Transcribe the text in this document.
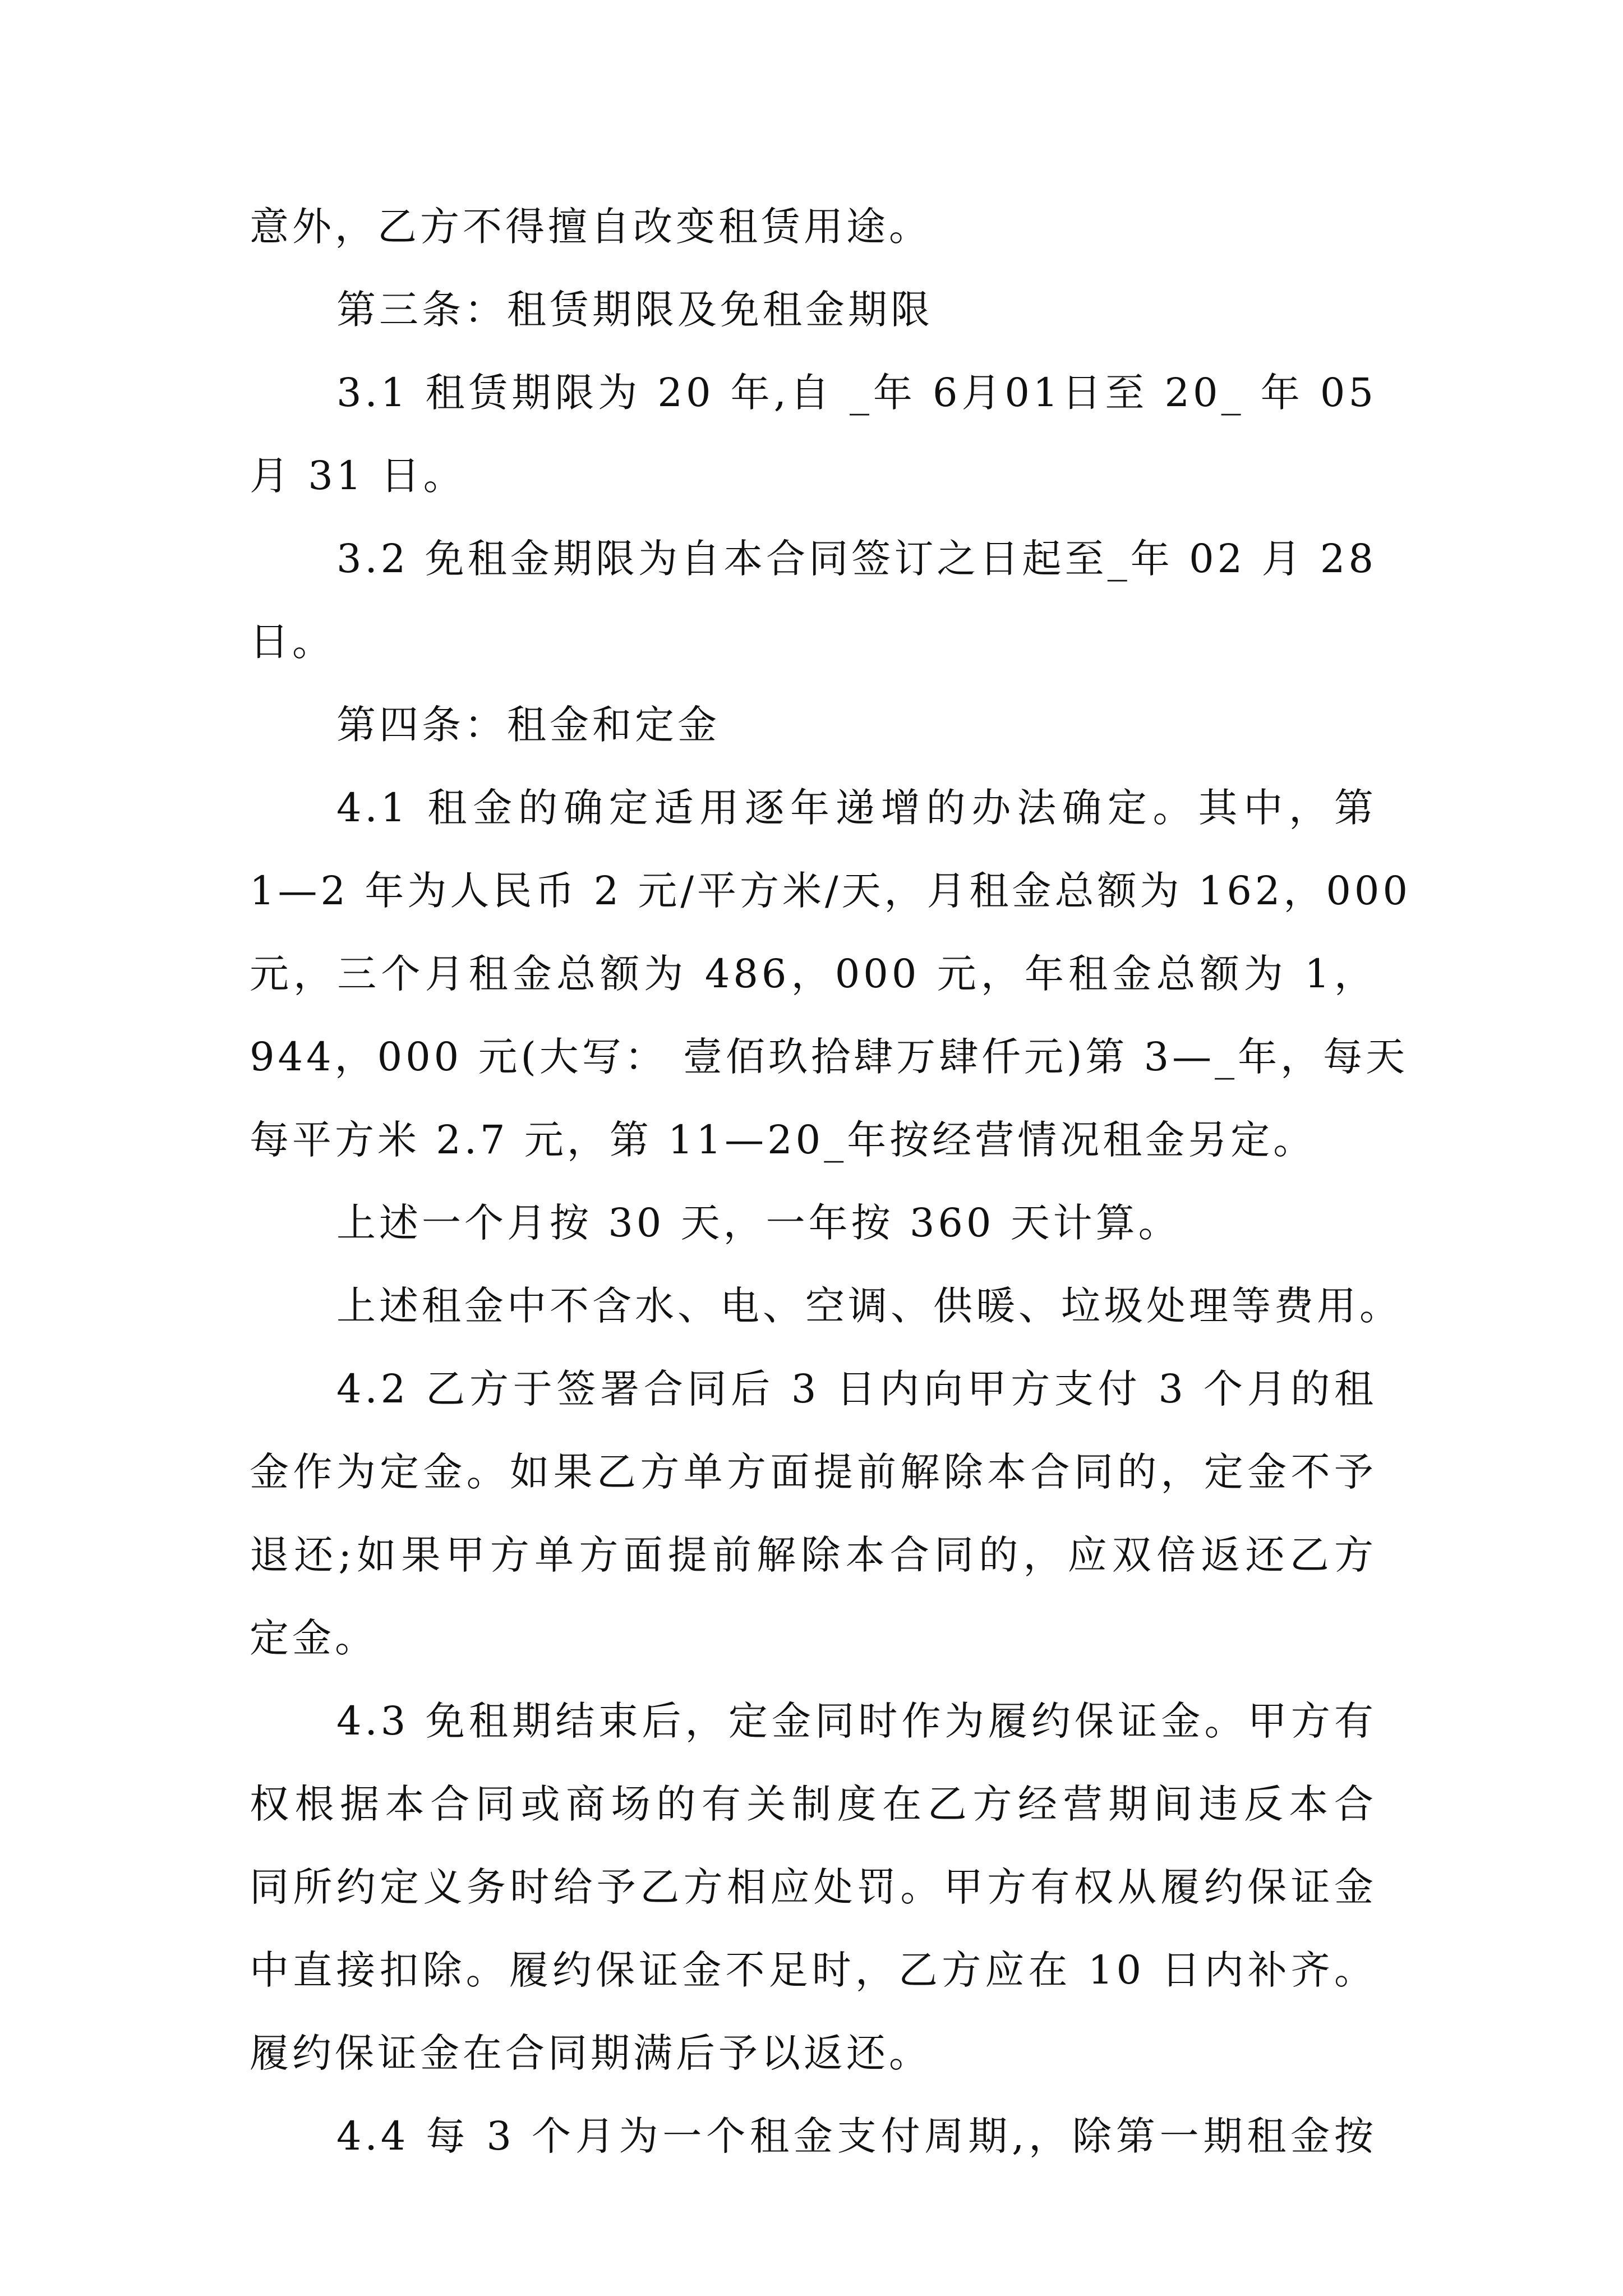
意外，乙方不得擅自改变租赁用途。
第三条：租赁期限及免租金期限
3.1 租赁期限为 20 年,自 _年 6月01日至 20_ 年 05
月 31 日。
3.2 免租金期限为自本合同签订之日起至_年 02 月 28
日。
第四条：租金和定金
4.1 租金的确定适用逐年递增的办法确定。其中，第
1—2 年为人民币 2 元/平方米/天，月租金总额为 162，000
元，三个月租金总额为 486，000 元，年租金总额为 1，
944，000 元(大写： 壹佰玖拾肆万肆仟元)第 3—_年，每天
每平方米 2.7 元，第 11—20_年按经营情况租金另定。
上述一个月按 30 天，一年按 360 天计算。
上述租金中不含水、电、空调、供暖、垃圾处理等费用。
4.2 乙方于签署合同后 3 日内向甲方支付 3 个月的租
金作为定金。如果乙方单方面提前解除本合同的，定金不予
退还;如果甲方单方面提前解除本合同的，应双倍返还乙方
定金。
4.3 免租期结束后，定金同时作为履约保证金。甲方有
权根据本合同或商场的有关制度在乙方经营期间违反本合
同所约定义务时给予乙方相应处罚。甲方有权从履约保证金
中直接扣除。履约保证金不足时，乙方应在 10 日内补齐。
履约保证金在合同期满后予以返还。
4.4 每 3 个月为一个租金支付周期,，除第一期租金按
